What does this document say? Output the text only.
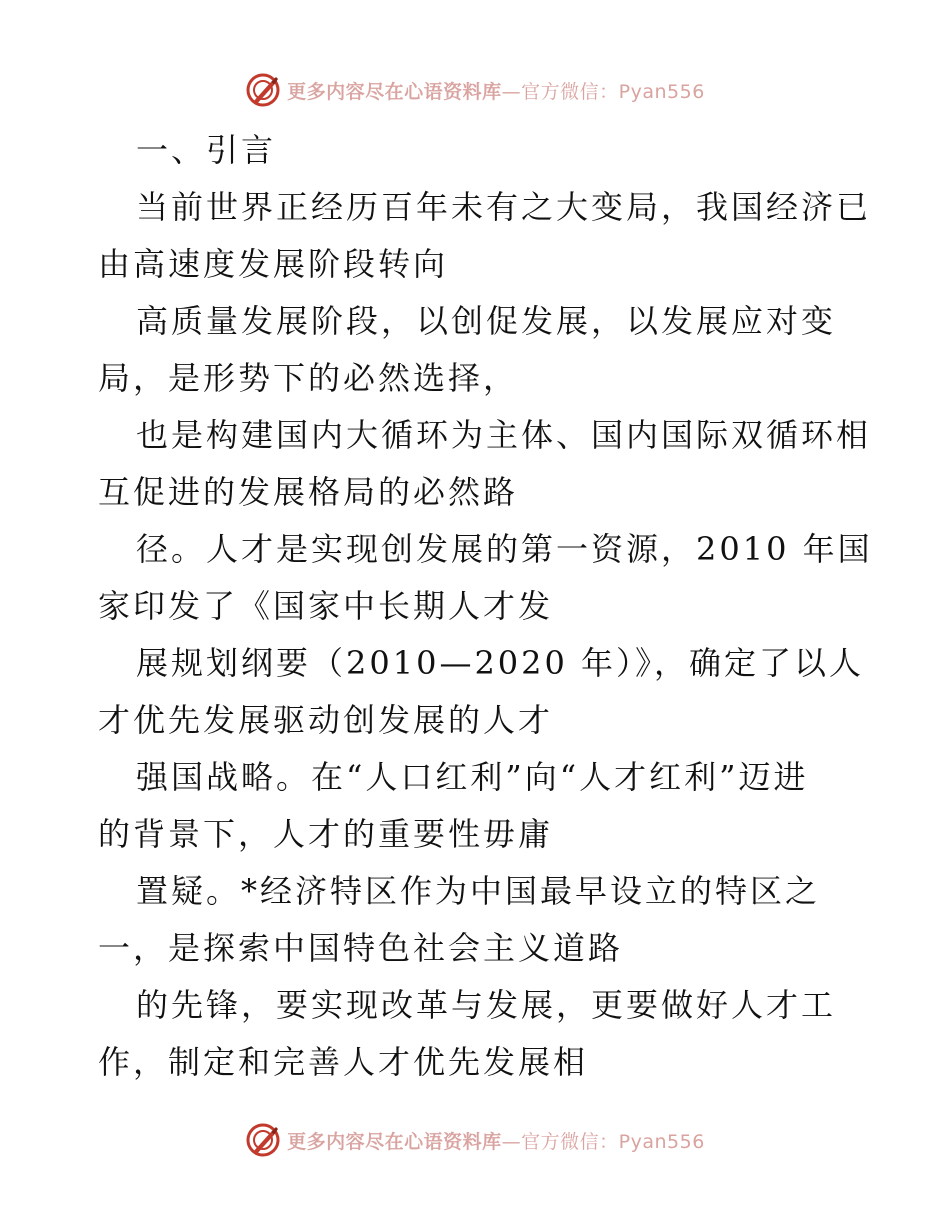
更多内容尽在心语资料库—官方微信：Pyan556
一、引言
当前世界正经历百年未有之大变局，我国经济已
由高速度发展阶段转向
高质量发展阶段，以创促发展，以发展应对变
局，是形势下的必然选择，
也是构建国内大循环为主体、国内国际双循环相
互促进的发展格局的必然路
径。人才是实现创发展的第一资源，2010 年国
家印发了《国家中长期人才发
展规划纲要（2010—2020 年）》，确定了以人
才优先发展驱动创发展的人才
强国战略。在“人口红利”向“人才红利”迈进
的背景下，人才的重要性毋庸
置疑。*经济特区作为中国最早设立的特区之
一，是探索中国特色社会主义道路
的先锋，要实现改革与发展，更要做好人才工
作，制定和完善人才优先发展相
更多内容尽在心语资料库—官方微信：Pyan556
